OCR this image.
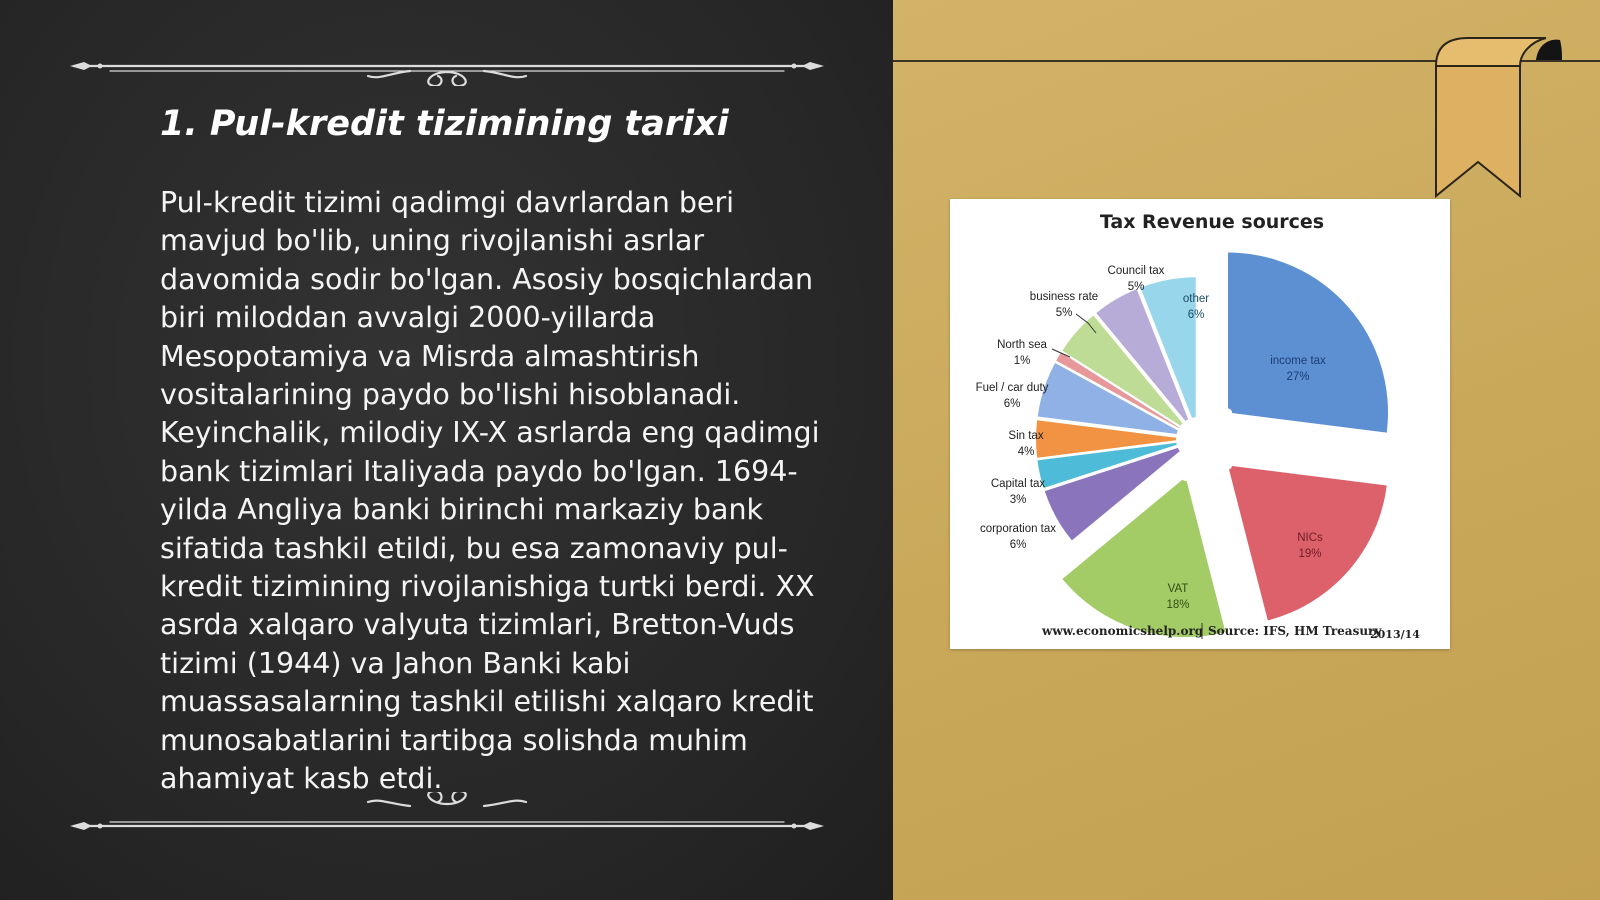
1. Pul-kredit tizimining tarixi

Pul-kredit tizimi qadimgi davrlardan beri mavjud bo'lib, uning rivojlanishi asrlar davomida sodir bo'lgan. Asosiy bosqichlardan biri miloddan avvalgi 2000-yillarda Mesopotamiya va Misrda almashtirish vositalarining paydo bo'lishi hisoblanadi. Keyinchalik, milodiy IX-X asrlarda eng qadimgi bank tizimlari Italiyada paydo bo'lgan. 1694-yilda Angliya banki birinchi markaziy bank sifatida tashkil etildi, bu esa zamonaviy pul-kredit tizimining rivojlanishiga turtki berdi. XX asrda xalqaro valyuta tizimlari, Bretton-Vuds tizimi (1944) va Jahon Banki kabi muassasalarning tashkil etilishi xalqaro kredit munosabatlarini tartibga solishda muhim ahamiyat kasb etdi.

Tax Revenue sources
income tax
27%
NICs
19%
VAT
18%
corporation tax
6%
Capital tax
3%
Sin tax
4%
Fuel / car duty
6%
North sea
1%
business rate
5%
Council tax
5%
other
6%
www.economicshelp.org Source: IFS, HM Treasury
2013/14
